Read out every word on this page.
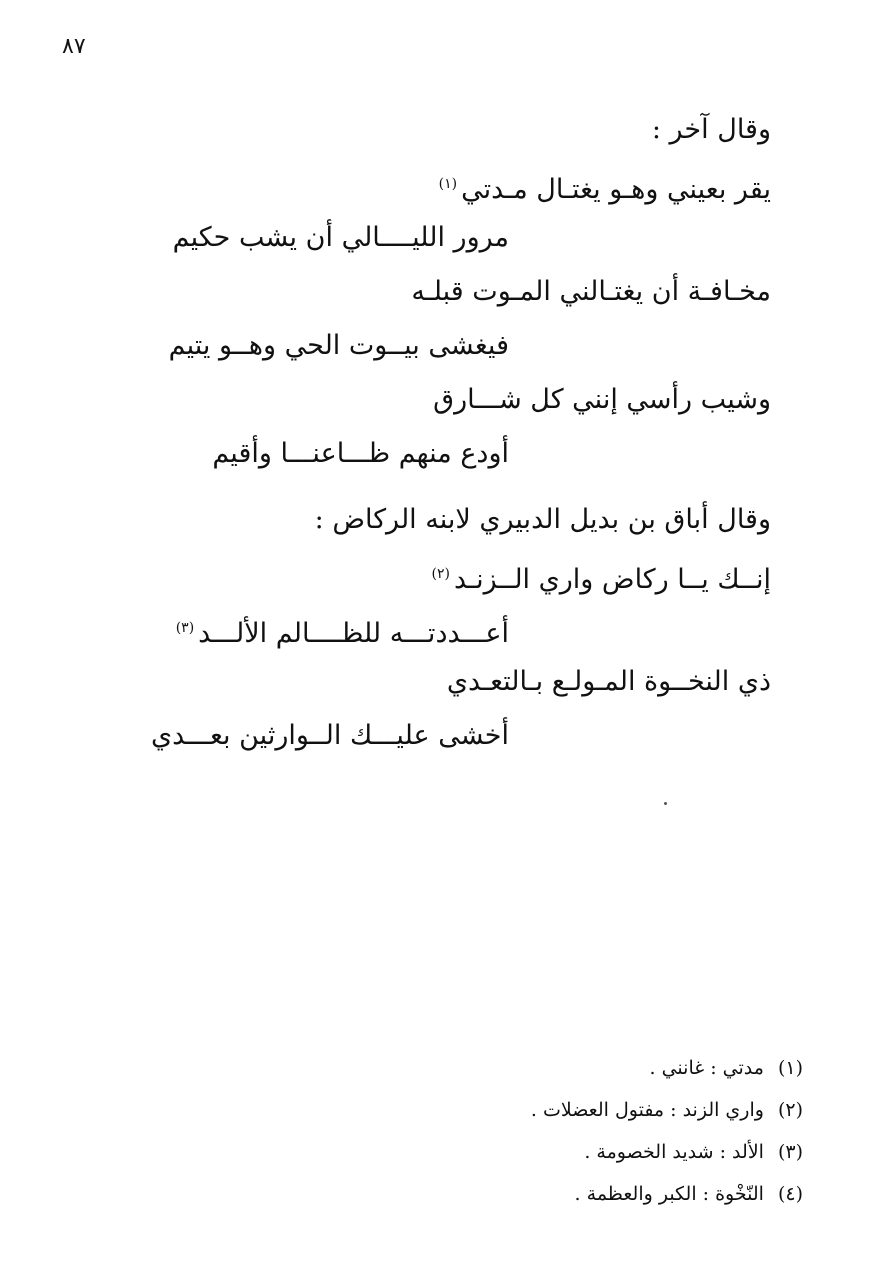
٨٧
وقال آخر :
يقر بعيني وهـو يغتـال مـدتي$^{(١)}$
مرور الليــــالي أن يشب حكيم
مخـافـة أن يغتـالني المـوت قبلـه
فيغشى بيــوت الحي وهــو يتيم
وشيب رأسي إنني كل شـــارق
أودع منهم ظـــاعنـــا وأقيم
وقال أباق بن بديل الدبيري لابنه الركاض :
إنــك يــا ركاض واري الــزنـد$^{(٢)}$
أعـــددتـــه للظــــالم الألـــد$^{(٣)}$
ذي النخــوة المـولـع بـالتعـدي
أخشى عليـــك الــوارثين بعـــدي
(١)مدتي : غانني .
(٢)واري الزند : مفتول العضلات .
(٣)الألد : شديد الخصومة .
(٤)النّخْوة : الكبر والعظمة .
